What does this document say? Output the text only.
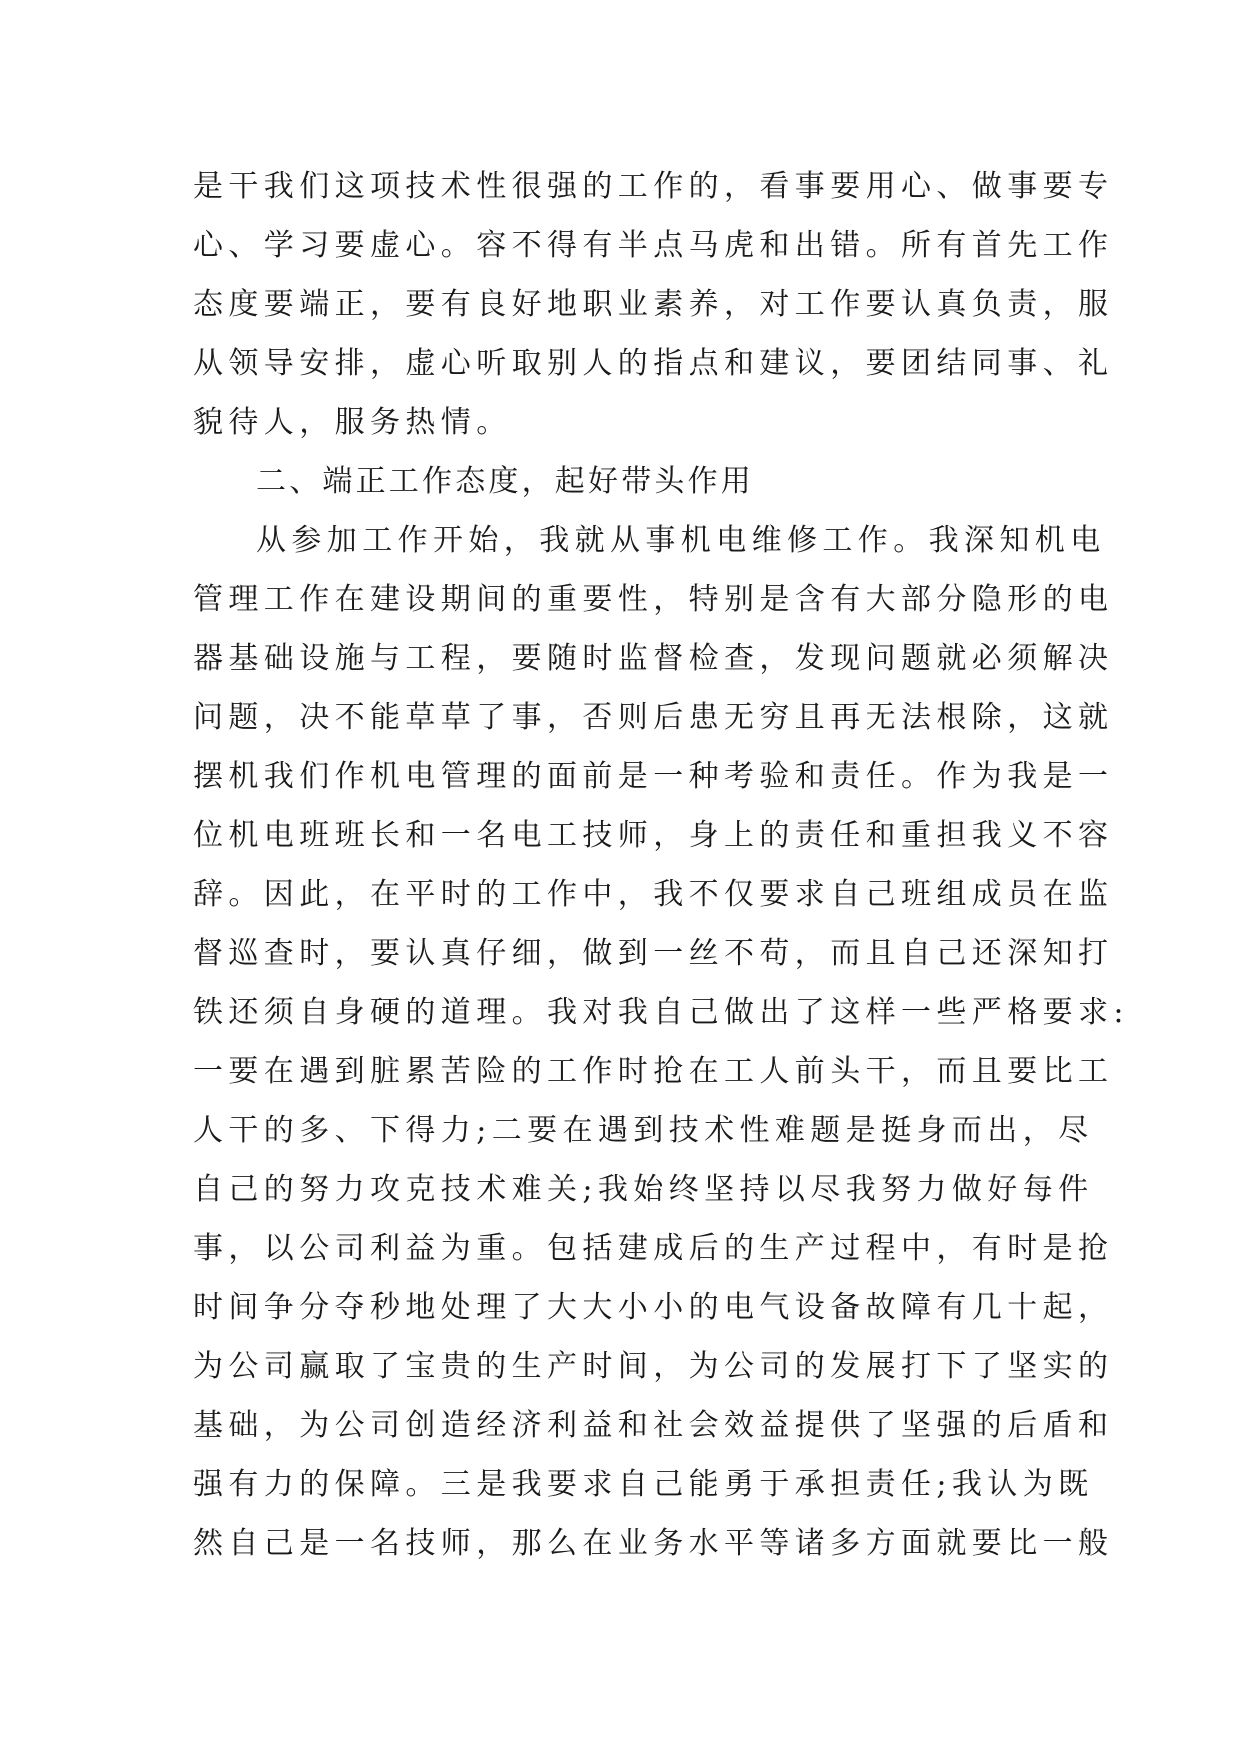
是干我们这项技术性很强的工作的，看事要用心、做事要专
心、学习要虚心。容不得有半点马虎和出错。所有首先工作
态度要端正，要有良好地职业素养，对工作要认真负责，服
从领导安排，虚心听取别人的指点和建议，要团结同事、礼
貌待人，服务热情。
二、端正工作态度，起好带头作用
从参加工作开始，我就从事机电维修工作。我深知机电
管理工作在建设期间的重要性，特别是含有大部分隐形的电
器基础设施与工程，要随时监督检查，发现问题就必须解决
问题，决不能草草了事，否则后患无穷且再无法根除，这就
摆机我们作机电管理的面前是一种考验和责任。作为我是一
位机电班班长和一名电工技师，身上的责任和重担我义不容
辞。因此，在平时的工作中，我不仅要求自己班组成员在监
督巡查时，要认真仔细，做到一丝不苟，而且自己还深知打
铁还须自身硬的道理。我对我自己做出了这样一些严格要求:
一要在遇到脏累苦险的工作时抢在工人前头干，而且要比工
人干的多、下得力;二要在遇到技术性难题是挺身而出，尽
自己的努力攻克技术难关;我始终坚持以尽我努力做好每件
事，以公司利益为重。包括建成后的生产过程中，有时是抢
时间争分夺秒地处理了大大小小的电气设备故障有几十起，
为公司赢取了宝贵的生产时间，为公司的发展打下了坚实的
基础，为公司创造经济利益和社会效益提供了坚强的后盾和
强有力的保障。三是我要求自己能勇于承担责任;我认为既
然自己是一名技师，那么在业务水平等诸多方面就要比一般
